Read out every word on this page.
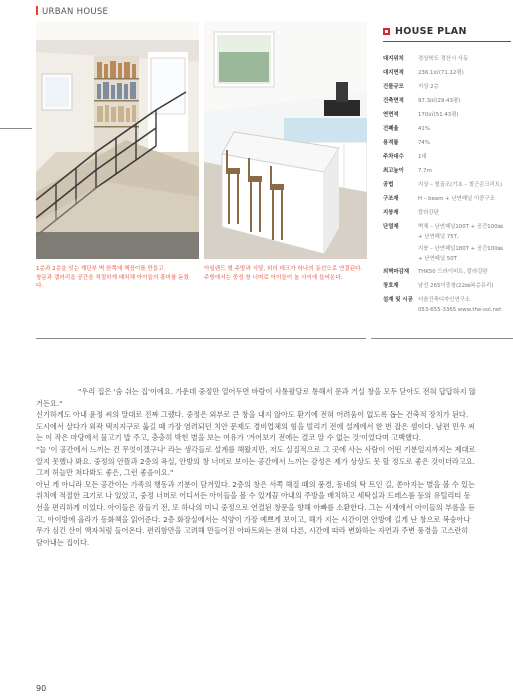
URBAN HOUSE
1층과 2층을 잇는 계단부 벽 한쪽에 책장이를 만들고
창문과 갤러리을 공간을 적절하게 배치해 아이들의 흥미를 돋웠다.
아일랜드 형 주방과 식당, 외의 데크가 하나의 동선으로 연결된다.
주방에서는 중정 창 너머로 아이들이 놀 사이에 들어온다.
HOUSE PLAN
대지위치	경상북도 경산시 사동
대지면적	236.1㎡(71.12평)
건물규모	지상 2층
건축면적	97.3㎡(29.43평)
연면적	170㎡(51.43평)
건폐율	41%
용적률	74%
주차대수	1대
최고높이	7.7m
공법	지상 – 철골조(기초 – 철근콘크리트)
구조재	H – beam + 난연패널 이중구조
지붕재	칼라강판
단열재	벽체 – 난연패널100T + 공간100㎜
+ 난연패널 75T,
지붕 – 난연패널180T + 공간100㎜
+ 난연패널 50T
외벽마감재 THK50 드라이비트, 칼라강판
창호재	남선 265이중창(22㎜복층유리)
설계 및 시공 더솔건축디자인연구소
053-655-3365 www.the-sol.net

"우리 집은 '숨 쉬는 집'이에요. 가운데 중정만 열어두면 바람이 사통팔달로 통해서 문과 거실 창을 모두 닫아도 전혀 답답하지 않거든요."

신기하게도 아내 윤정 씨의 말대로 진짜 그랬다. 중정은 외부로 큰 창을 내지 않아도 환기에 전혀 어려움이 없도록 돕는 건축적 장치가 된다. 도시에서 살다가 외곽 택지지구로 옮길 때 가장 염려되던 치안 문제도 경비업체의 힘을 빌리기 전에 설계에서 한 번 잡은 셈이다. 남편 민우 씨는 이 작은 마당에서 물고기 밥 주고, 충충히 박힌 별을 보는 여유가 '겨어보기 전에는 결코 알 수 없는 것'이었다며 고백했다.

"늘 '이 공간에서 느끼는 건 무엇이겠구나' 라는 생각들로 설계를 해왔지만, 저도 실질적으로 그 곳에 사는 사람이 어떤 기분일지까지는 제대로 알지 못했나 봐요. 중정의 안뜰과 2층의 욕실, 안방의 창 너머로 보이는 공간에서 느끼는 감성은 제가 상상도 못 할 정도로 좋은 것이더라고요. 그저 허늘만 쳐다봐도 좋은, 그런 좋음이요."

아닌 게 아니라 모든 공간이는 가족의 행동과 기분이 담겨있다. 2층의 창은 서쪽 해질 때의 풍경, 동네의 탁 트인 길, 쏟아지는 별을 볼 수 있는 위치에 적절한 크기로 나 있었고, 중정 너머로 어디서든 아이들을 볼 수 있게끔 아내의 주방을 배치하고 세탁실과 드레스룸 등의 유틸리티 동선을 편리하게 이었다. 아이들은 잠들기 전, 또 하나의 미니 중정으로 연결된 창문을 향해 아빠를 소환한다. 그는 서재에서 아이들의 부름을 듣고, 아이방에 올라가 동화책을 읽어준다. 2층 화장실에서는 석양이 가장 예쁘게 보이고, 해가 지는 시간이면 안방에 길게 난 창으로 복숭아나무가 심긴 산이 액자처럼 들어온다. 편리함만을 고려해 만들어진 아파트와는 전혀 다른, 시간에 따라 변화하는 자연과 주변 풍경을 고스란히 담아내는 집이다.

90
